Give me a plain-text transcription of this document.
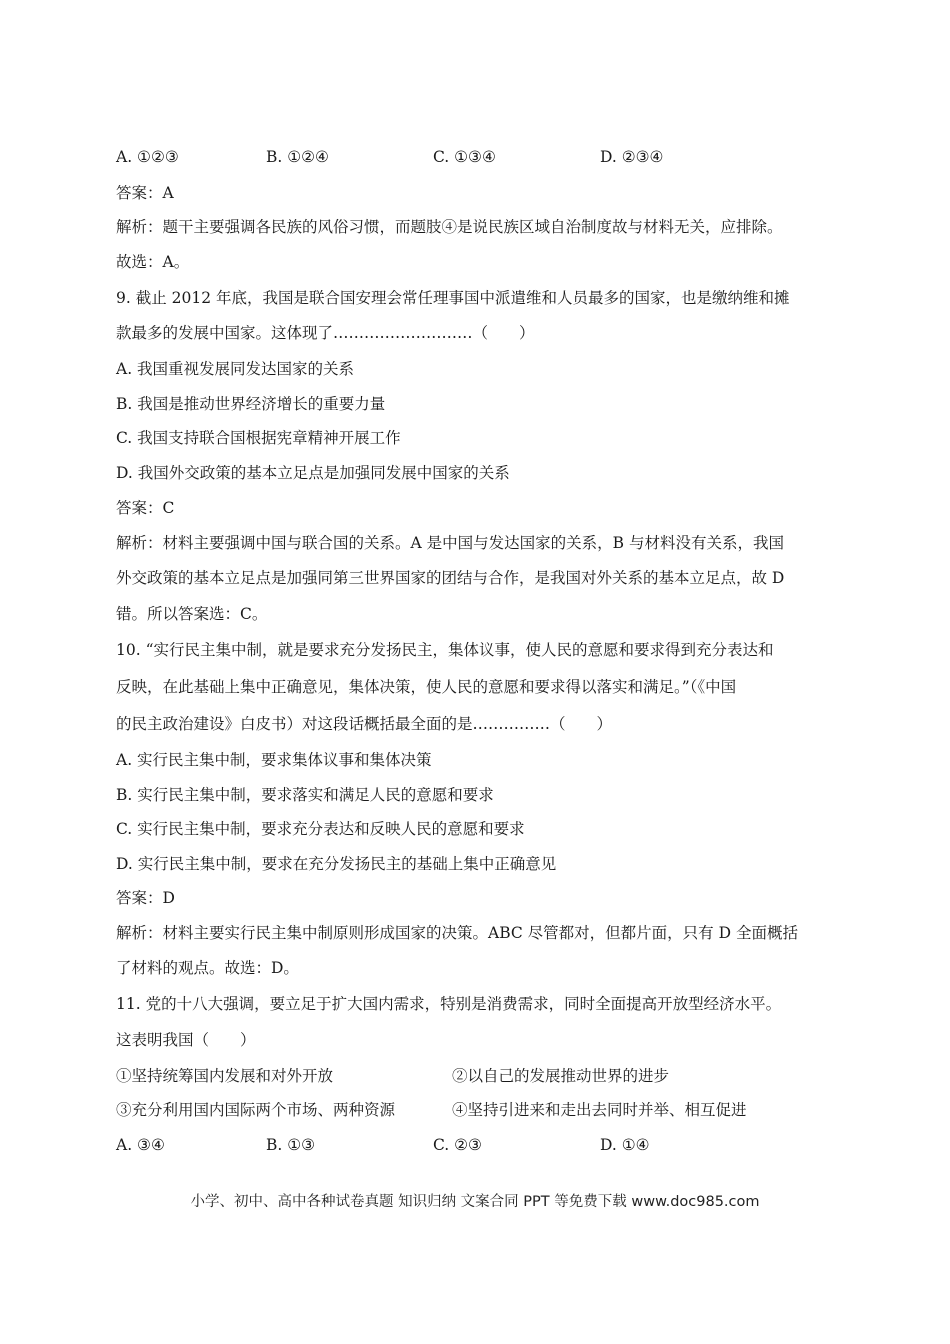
A. ①②③	B. ①②④	C. ①③④	D. ②③④
答案：A
解析：题干主要强调各民族的风俗习惯，而题肢④是说民族区域自治制度故与材料无关，应排除。
故选：A。
9. 截止 2012 年底，我国是联合国安理会常任理事国中派遣维和人员最多的国家，也是缴纳维和摊
款最多的发展中国家。这体现了………………………（　　）
A. 我国重视发展同发达国家的关系
B. 我国是推动世界经济增长的重要力量
C. 我国支持联合国根据宪章精神开展工作
D. 我国外交政策的基本立足点是加强同发展中国家的关系
答案：C
解析：材料主要强调中国与联合国的关系。A 是中国与发达国家的关系，B 与材料没有关系，我国
外交政策的基本立足点是加强同第三世界国家的团结与合作，是我国对外关系的基本立足点，故 D
错。所以答案选：C。
10. “实行民主集中制，就是要求充分发扬民主，集体议事，使人民的意愿和要求得到充分表达和
反映，在此基础上集中正确意见，集体决策，使人民的意愿和要求得以落实和满足。”（《中国
的民主政治建设》白皮书）对这段话概括最全面的是……………（　　）
A. 实行民主集中制，要求集体议事和集体决策
B. 实行民主集中制，要求落实和满足人民的意愿和要求
C. 实行民主集中制，要求充分表达和反映人民的意愿和要求
D. 实行民主集中制，要求在充分发扬民主的基础上集中正确意见
答案：D
解析：材料主要实行民主集中制原则形成国家的决策。ABC 尽管都对，但都片面，只有 D 全面概括
了材料的观点。故选：D。
11. 党的十八大强调，要立足于扩大国内需求，特别是消费需求，同时全面提高开放型经济水平。
这表明我国（　　）
①坚持统筹国内发展和对外开放	②以自己的发展推动世界的进步
③充分利用国内国际两个市场、两种资源	④坚持引进来和走出去同时并举、相互促进
A. ③④	B. ①③	C. ②③	D. ①④
小学、初中、高中各种试卷真题 知识归纳 文案合同 PPT 等免费下载 www.doc985.com
